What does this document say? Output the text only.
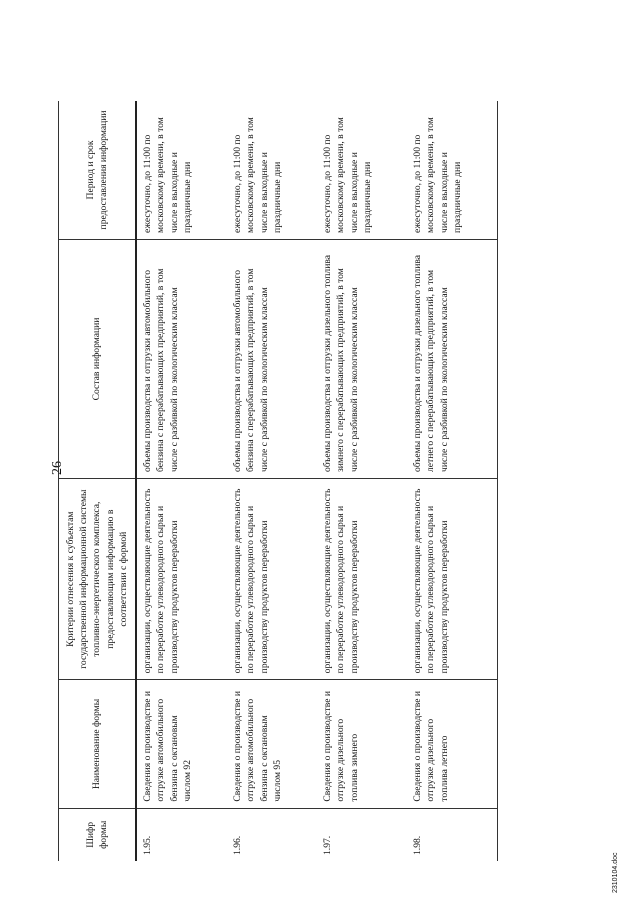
26
Шифр формы	Наименование формы	Критерии отнесения к субъектам государственной информационной системы топливно-энергетического комплекса, предоставляющим информацию в соответствии с формой	Состав информации	Период и срок предоставления информации
1.95.	Сведения о производстве и отгрузке автомобильного бензина с октановым числом 92	организации, осуществляющие деятельность по переработке углеводородного сырья и производству продуктов переработки	объемы производства и отгрузки автомобильного бензина с перерабатывающих предприятий, в том числе с разбивкой по экологическим классам	ежесуточно, до 11:00 по московскому времени, в том числе в выходные и праздничные дни
1.96.	Сведения о производстве и отгрузке автомобильного бензина с октановым числом 95	организации, осуществляющие деятельность по переработке углеводородного сырья и производству продуктов переработки	объемы производства и отгрузки автомобильного бензина с перерабатывающих предприятий, в том числе с разбивкой по экологическим классам	ежесуточно, до 11:00 по московскому времени, в том числе в выходные и праздничные дни
1.97.	Сведения о производстве и отгрузке дизельного топлива зимнего	организации, осуществляющие деятельность по переработке углеводородного сырья и производству продуктов переработки	объемы производства и отгрузки дизельного топлива зимнего с перерабатывающих предприятий, в том числе с разбивкой по экологическим классам	ежесуточно, до 11:00 по московскому времени, в том числе в выходные и праздничные дни
1.98.	Сведения о производстве и отгрузке дизельного топлива летнего	организации, осуществляющие деятельность по переработке углеводородного сырья и производству продуктов переработки	объемы производства и отгрузки дизельного топлива летнего с перерабатывающих предприятий, в том числе с разбивкой по экологическим классам	ежесуточно, до 11:00 по московскому времени, в том числе в выходные и праздничные дни
2310104.doc
